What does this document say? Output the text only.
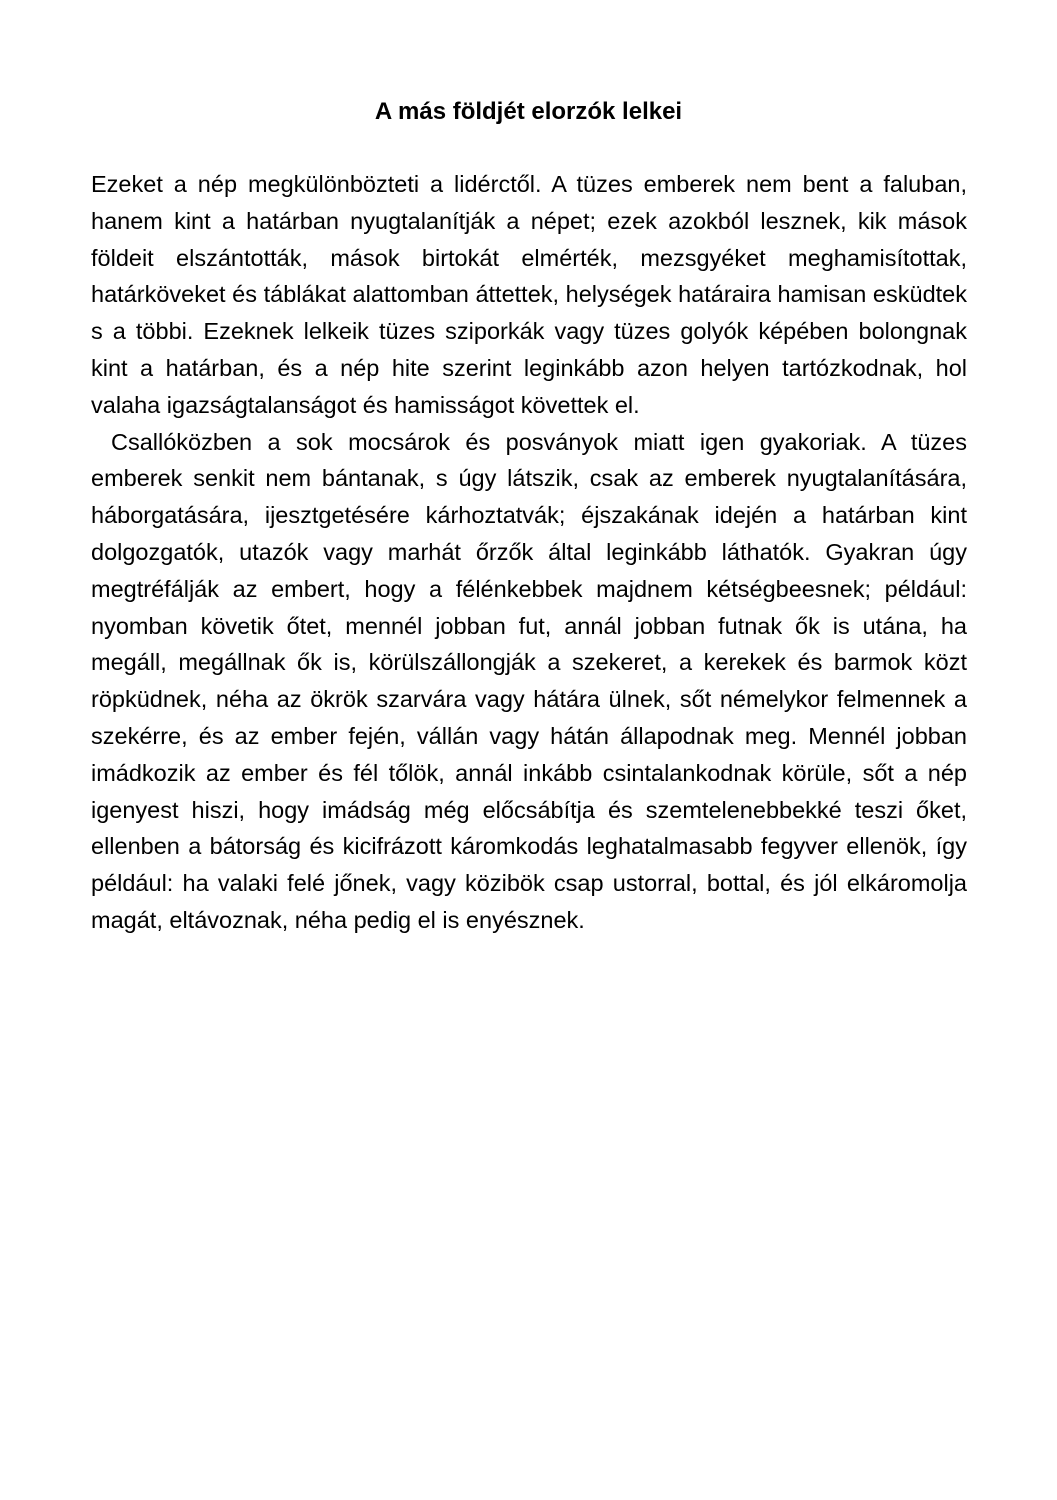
A más földjét elorzók lelkei

Ezeket a nép megkülönbözteti a lidérctől. A tüzes emberek nem bent a faluban, hanem kint a határban nyugtalanítják a népet; ezek azokból lesznek, kik mások földeit elszántották, mások birtokát elmérték, mezsgyéket meghamisítottak, határköveket és táblákat alattomban áttettek, helységek határaira hamisan esküdtek s a többi. Ezeknek lelkeik tüzes sziporkák vagy tüzes golyók képében bolongnak kint a határban, és a nép hite szerint leginkább azon helyen tartózkodnak, hol valaha igazságtalanságot és hamisságot követtek el.

Csallóközben a sok mocsárok és posványok miatt igen gyakoriak. A tüzes emberek senkit nem bántanak, s úgy látszik, csak az emberek nyugtalanítására, háborgatására, ijesztgetésére kárhoztatvák; éjszakának idején a határban kint dolgozgatók, utazók vagy marhát őrzők által leginkább láthatók. Gyakran úgy megtréfálják az embert, hogy a félénkebbek majdnem kétségbeesnek; például: nyomban követik őtet, mennél jobban fut, annál jobban futnak ők is utána, ha megáll, megállnak ők is, körülszállongják a szekeret, a kerekek és barmok közt röpküdnek, néha az ökrök szarvára vagy hátára ülnek, sőt némelykor felmennek a szekérre, és az ember fején, vállán vagy hátán állapodnak meg. Mennél jobban imádkozik az ember és fél tőlök, annál inkább csintalankodnak körüle, sőt a nép igenyest hiszi, hogy imádság még előcsábítja és szemtelenebbekké teszi őket, ellenben a bátorság és kicifrázott káromkodás leghatalmasabb fegyver ellenök, így például: ha valaki felé jőnek, vagy közibök csap ustorral, bottal, és jól elkáromolja magát, eltávoznak, néha pedig el is enyésznek.
